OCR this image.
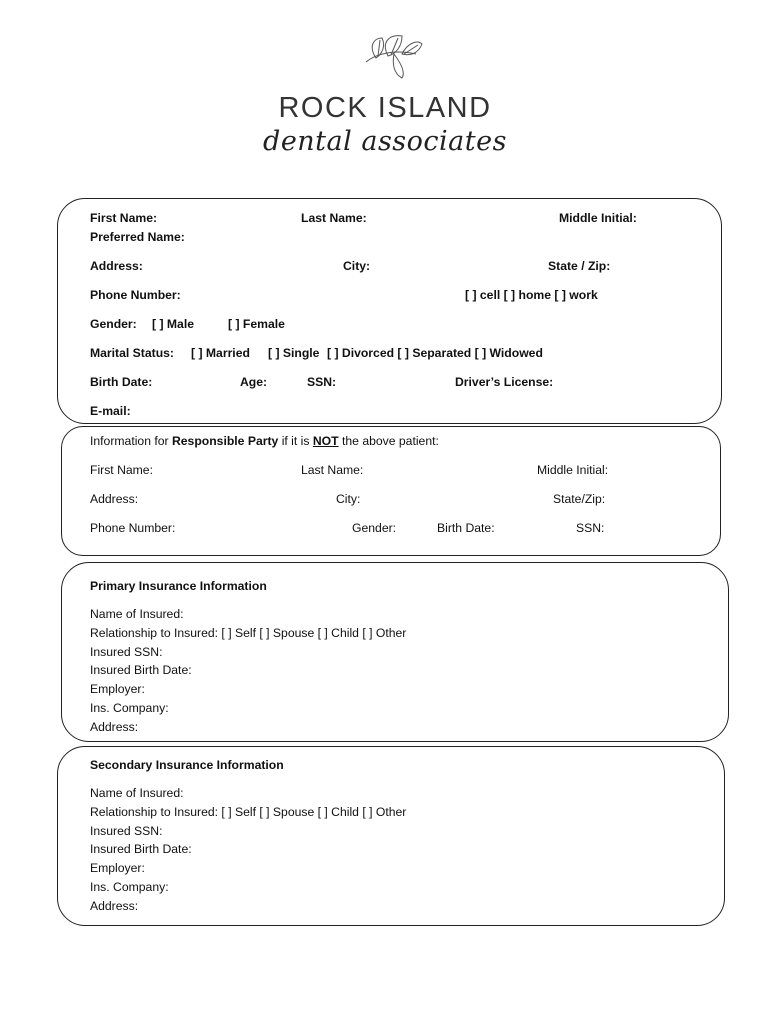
ROCK ISLAND
dental associates
First Name:	Last Name:	Middle Initial:
Preferred Name:
Address:	City:	State / Zip:
Phone Number:	[ ] cell [ ] home [ ] work
Gender: [ ] Male	[ ] Female
Marital Status: [ ] Married [ ] Single [ ] Divorced [ ] Separated [ ] Widowed
Birth Date:	Age:	SSN:	Driver’s License:
E-mail:
Information for Responsible Party if it is NOT the above patient:
First Name:	Last Name:	Middle Initial:
Address:	City:	State/Zip:
Phone Number:	Gender:	Birth Date:	SSN:
Primary Insurance Information
Name of Insured:
Relationship to Insured: [ ] Self [ ] Spouse [ ] Child [ ] Other
Insured SSN:
Insured Birth Date:
Employer:
Ins. Company:
Address:
Secondary Insurance Information
Name of Insured:
Relationship to Insured: [ ] Self [ ] Spouse [ ] Child [ ] Other
Insured SSN:
Insured Birth Date:
Employer:
Ins. Company:
Address:
